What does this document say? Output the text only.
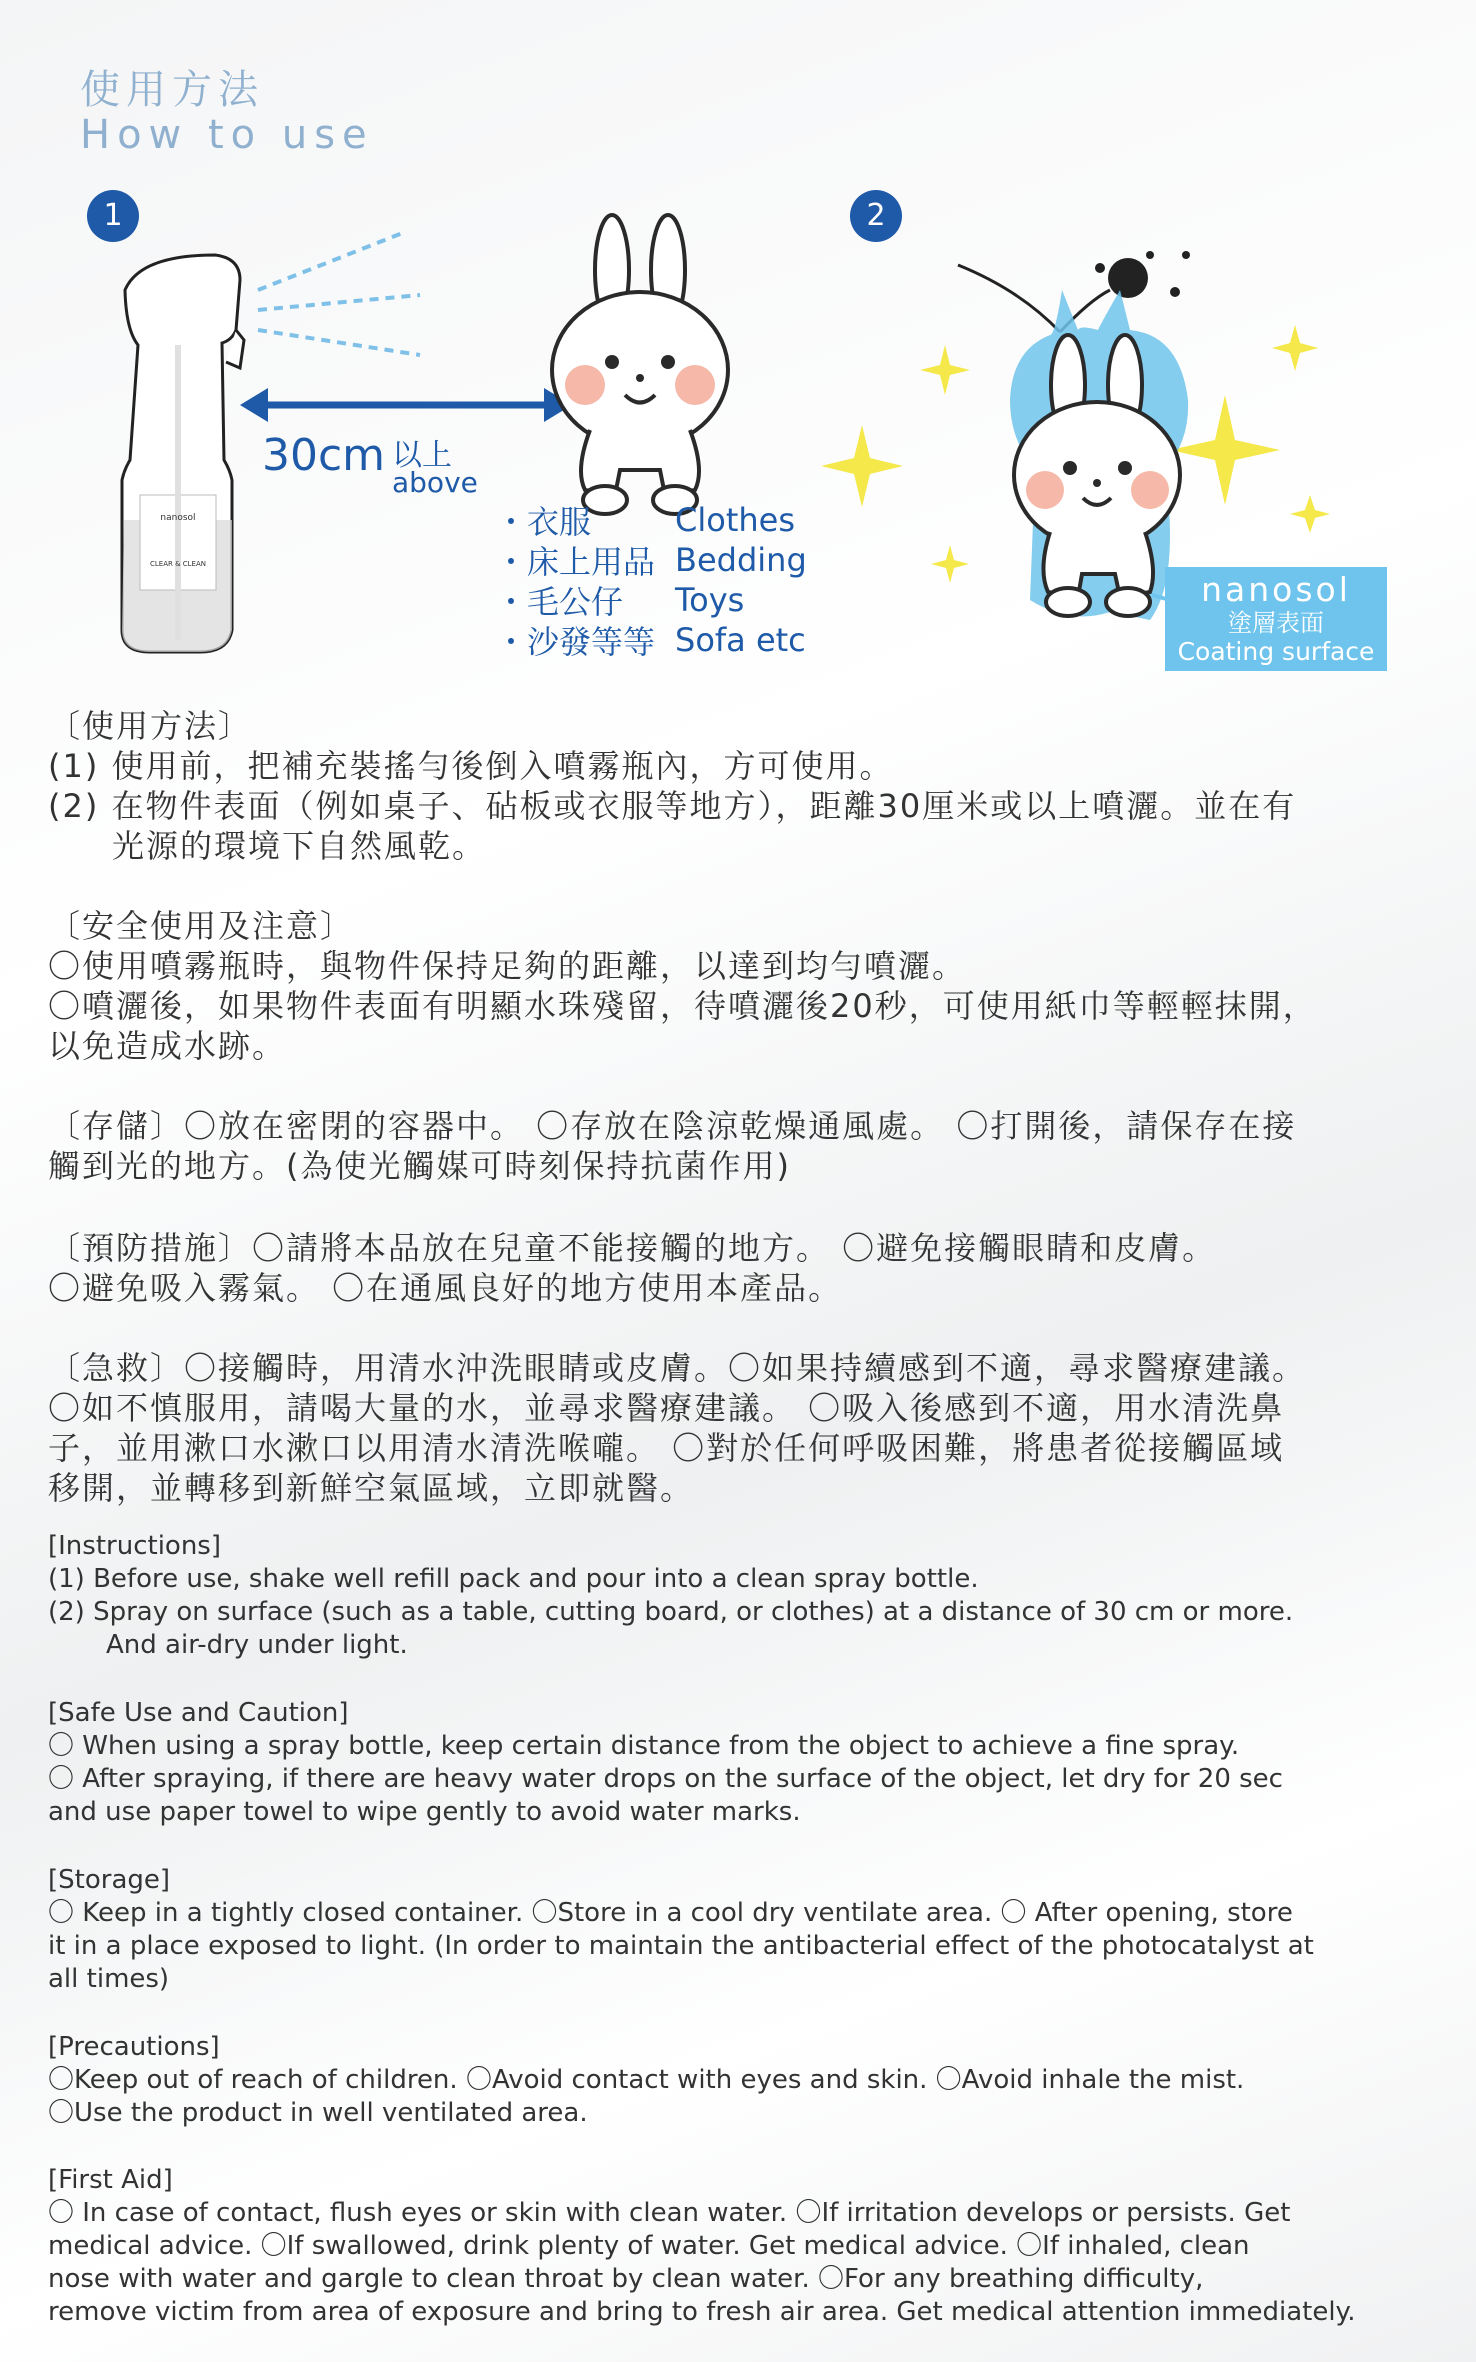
使用方法
How to use
1	2
nanosol
CLEAR & CLEAN
30cm 以上
above
・衣服	Clothes
・床上用品 Bedding
・毛公仔	Toys
・沙發等等 Sofa etc
nanosol
塗層表面
Coating surface

〔使用方法〕

(1) 使用前，把補充裝搖勻後倒入噴霧瓶內，方可使用。

(2) 在物件表面（例如桌子、砧板或衣服等地方），距離30厘米或以上噴灑。並在有

光源的環境下自然風乾。

〔安全使用及注意〕

〇使用噴霧瓶時，與物件保持足夠的距離，以達到均勻噴灑。

〇噴灑後，如果物件表面有明顯水珠殘留，待噴灑後20秒，可使用紙巾等輕輕抹開，

以免造成水跡。

〔存儲〕〇放在密閉的容器中。 〇存放在陰涼乾燥通風處。 〇打開後，請保存在接

觸到光的地方。(為使光觸媒可時刻保持抗菌作用)

〔預防措施〕〇請將本品放在兒童不能接觸的地方。 〇避免接觸眼睛和皮膚。

〇避免吸入霧氣。 〇在通風良好的地方使用本產品。

〔急救〕〇接觸時，用清水沖洗眼睛或皮膚。〇如果持續感到不適，尋求醫療建議。

〇如不慎服用，請喝大量的水，並尋求醫療建議。 〇吸入後感到不適，用水清洗鼻

子，並用漱口水漱口以用清水清洗喉嚨。 〇對於任何呼吸困難，將患者從接觸區域

移開，並轉移到新鮮空氣區域，立即就醫。

[Instructions]

(1) Before use, shake well refill pack and pour into a clean spray bottle.

(2) Spray on surface (such as a table, cutting board, or clothes) at a distance of 30 cm or more.

And air-dry under light.

[Safe Use and Caution]

〇 When using a spray bottle, keep certain distance from the object to achieve a fine spray.

〇 After spraying, if there are heavy water drops on the surface of the object, let dry for 20 sec

and use paper towel to wipe gently to avoid water marks.

[Storage]

〇 Keep in a tightly closed container. 〇Store in a cool dry ventilate area. 〇 After opening, store

it in a place exposed to light. (In order to maintain the antibacterial effect of the photocatalyst at

all times)

[Precautions]

〇Keep out of reach of children. 〇Avoid contact with eyes and skin. 〇Avoid inhale the mist.

〇Use the product in well ventilated area.

[First Aid]

〇 In case of contact, flush eyes or skin with clean water. 〇If irritation develops or persists. Get

medical advice. 〇If swallowed, drink plenty of water. Get medical advice. 〇If inhaled, clean

nose with water and gargle to clean throat by clean water. 〇For any breathing difficulty,

remove victim from area of exposure and bring to fresh air area. Get medical attention immediately.
